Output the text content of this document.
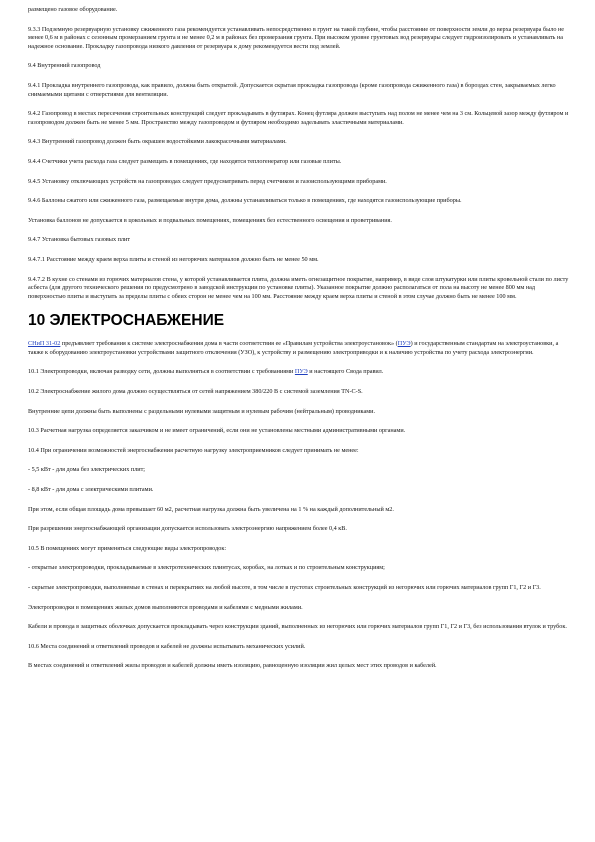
размещено газовое оборудование.
9.3.3 Подземную резервуарную установку сжиженного газа рекомендуется устанавливать непосредственно в грунт на такой глубине, чтобы расстояние от поверхности земли до верха резервуара было не менее 0,6 м в районах с сезонным промерзанием грунта и не менее 0,2 м в районах без промерзания грунта. При высоком уровне грунтовых вод резервуары следует гидроизолировать и устанавливать на надежное основание. Прокладку газопровода низкого давления от резервуара к дому рекомендуется вести под землей.
9.4 Внутренний газопровод
9.4.1 Прокладка внутреннего газопровода, как правило, должна быть открытой. Допускается скрытая прокладка газопровода (кроме газопровода сжиженного газа) в бороздах стен, закрываемых легко снимаемыми щитами с отверстиями для вентиляции.
9.4.2 Газопровод в местах пересечения строительных конструкций следует прокладывать в футлярах. Конец футляра должен выступать над полом не менее чем на 3 см. Кольцевой зазор между футляром и газопроводом должен быть не менее 5 мм. Пространство между газопроводом и футляром необходимо заделывать эластичными материалами.
9.4.3 Внутренний газопровод должен быть окрашен водостойкими лакокрасочными материалами.
9.4.4 Счетчики учета расхода газа следует размещать в помещениях, где находятся теплогенератор или газовые плиты.
9.4.5 Установку отключающих устройств на газопроводах следует предусматривать перед счетчиком и газоиспользующими приборами.
9.4.6 Баллоны сжатого или сжиженного газа, размещаемые внутри дома, должны устанавливаться только в помещениях, где находятся газоиспользующие приборы.
Установка баллонов не допускается в цокольных и подвальных помещениях, помещениях без естественного освещения и проветривания.
9.4.7 Установка бытовых газовых плит
9.4.7.1 Расстояние между краем верха плиты и стеной из негорючих материалов должно быть не менее 50 мм.
9.4.7.2 В кухне со стенами из горючих материалов стена, у которой устанавливается плита, должна иметь огнезащитное покрытие, например, в виде слоя штукатурки или плиты кровельной стали по листу асбеста (для другого технического решения по предусмотрено в заводской инструкции по установке плиты). Указанное покрытие должно располагаться от пола на высоту не менее 800 мм над поверхностью плиты и выступать за пределы плиты с обеих сторон не менее чем на 100 мм. Расстояние между краем верха плиты и стеной в этом случае должно быть не менее 100 мм.
10 ЭЛЕКТРОСНАБЖЕНИЕ
СНиП 31-02 предъявляет требования к системе электроснабжения дома в части соответствия ее «Правилам устройства электроустановок» (ПУЭ) и государственным стандартам на электроустановки, а также к оборудованию электроустановки устройствами защитного отключения (УЗО), к устройству и размещению электроприводки и к наличию устройства по учету расхода электроэнергии.
10.1 Электропроводки, включая разводку сети, должны выполняться в соответствии с требованиями ПУЭ и настоящего Свода правил.
10.2 Электроснабжение жилого дома должно осуществляться от сетей напряжением 380/220 В с системой заземления TN-C-S.
Внутренние цепи должны быть выполнены с раздельными нулевыми защитным и нулевым рабочим (нейтральным) проводниками.
10.3 Расчетная нагрузка определяется заказчиком и не имеет ограничений, если они не установлены местными административными органами.
10.4 При ограничении возможностей энергоснабжения расчетную нагрузку электроприемников следует принимать не менее:
- 5,5 кВт - для дома без электрических плит;
- 8,8 кВт - для дома с электрическими плитами.
При этом, если общая площадь дома превышает 60 м2, расчетная нагрузка должна быть увеличена на 1 % на каждый дополнительный м2.
При разрешении энергоснабжающей организации допускается использовать электроэнергию напряжением более 0,4 кВ.
10.5 В помещениях могут применяться следующие виды электропроводок:
- открытые электропроводки, прокладываемые в электротехнических плинтусах, коробах, на лотках и по строительным конструкциям;
- скрытые электропроводки, выполняемые в стенах и перекрытиях на любой высоте, в том числе в пустотах строительных конструкций из негорючих или горючих материалов групп Г1, Г2 и Г3.
Электропроводки в помещениях жилых домов выполняются проводами и кабелями с медными жилами.
Кабели и провода в защитных оболочках допускается прокладывать через конструкции зданий, выполненных из негорючих или горючих материалов групп Г1, Г2 и Г3, без использования втулок и трубок.
10.6 Места соединений и ответвлений проводов и кабелей не должны испытывать механических усилий.
В местах соединений и ответвлений жилы проводов и кабелей должны иметь изоляцию, равноценную изоляции жил целых мест этих проводов и кабелей.
